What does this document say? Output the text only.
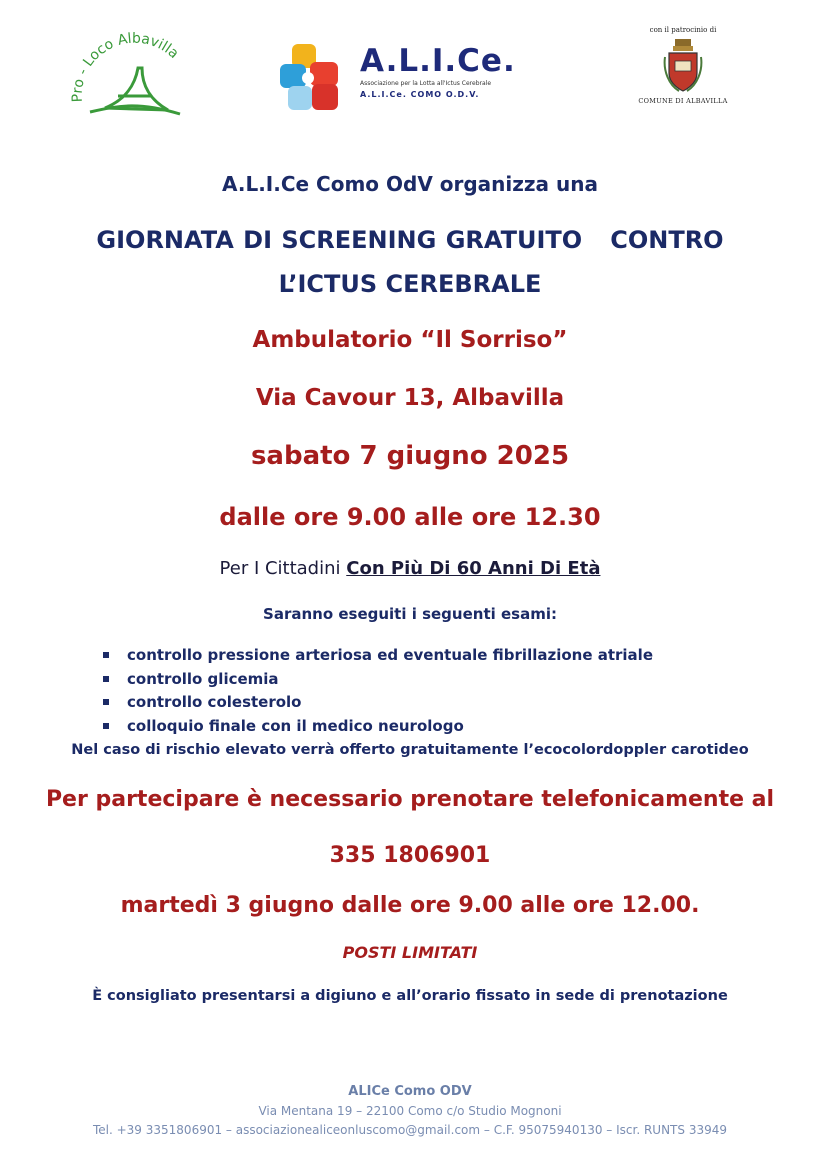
Pro - Loco Albavilla	A.L.I.Ce.
Associazione per la Lotta all'Ictus Cerebrale
A.L.I.Ce. COMO O.D.V.
con il patrocinio di
COMUNE DI ALBAVILLA
A.L.I.Ce Como OdV organizza una
GIORNATA DI SCREENING GRATUITO   CONTRO
L’ICTUS CEREBRALE
Ambulatorio “Il Sorriso”
Via Cavour 13, Albavilla
sabato 7 giugno 2025
dalle ore 9.00 alle ore 12.30
Per I Cittadini Con Più Di 60 Anni Di Età
Saranno eseguiti i seguenti esami:
controllo pressione arteriosa ed eventuale fibrillazione atriale
controllo glicemia
controllo colesterolo
colloquio finale con il medico neurologo
Nel caso di rischio elevato verrà offerto gratuitamente l’ecocolordoppler carotideo
Per partecipare è necessario prenotare telefonicamente al
335 1806901
martedì 3 giugno dalle ore 9.00 alle ore 12.00.
POSTI LIMITATI
È consigliato presentarsi a digiuno e all’orario fissato in sede di prenotazione
ALICe Como ODV
Via Mentana 19 – 22100 Como c/o Studio Mognoni
Tel. +39 3351806901 – associazionealiceonluscomo@gmail.com – C.F. 95075940130 – Iscr. RUNTS 33949
